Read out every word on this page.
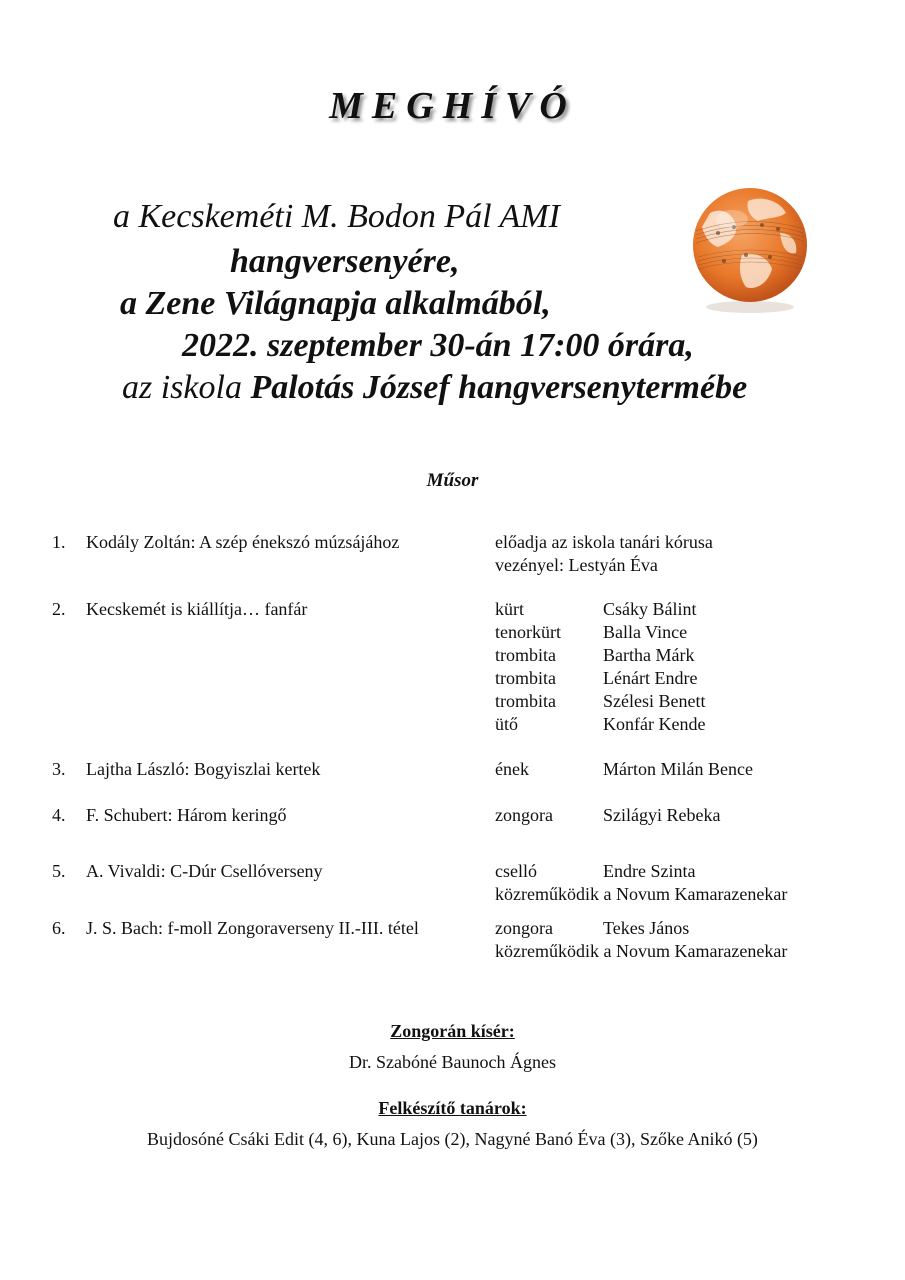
MEGHÍVÓ
a Kecskeméti M. Bodon Pál AMI
hangversenyére,
a Zene Világnapja alkalmából,
2022. szeptember 30-án 17:00 órára,
az iskola Palotás József hangversenytermébe
Műsor
1. Kodály Zoltán: A szép énekszó múzsájához	előadja az iskola tanári kórusa
vezényel: Lestyán Éva
2. Kecskemét is kiállítja… fanfár	kürt	Csáky Bálint
tenorkürt	Balla Vince
trombita	Bartha Márk
trombita	Lénárt Endre
trombita	Szélesi Benett
ütő	Konfár Kende
3. Lajtha László: Bogyiszlai kertek	ének	Márton Milán Bence
4. F. Schubert: Három keringő	zongora	Szilágyi Rebeka
5. A. Vivaldi: C-Dúr Csellóverseny	cselló	Endre Szinta
közreműködik a Novum Kamarazenekar
6. J. S. Bach: f-moll Zongoraverseny II.-III. tétel	zongora	Tekes János
közreműködik a Novum Kamarazenekar
Zongorán kísér:
Dr. Szabóné Baunoch Ágnes
Felkészítő tanárok:
Bujdosóné Csáki Edit (4, 6), Kuna Lajos (2), Nagyné Banó Éva (3), Szőke Anikó (5)
